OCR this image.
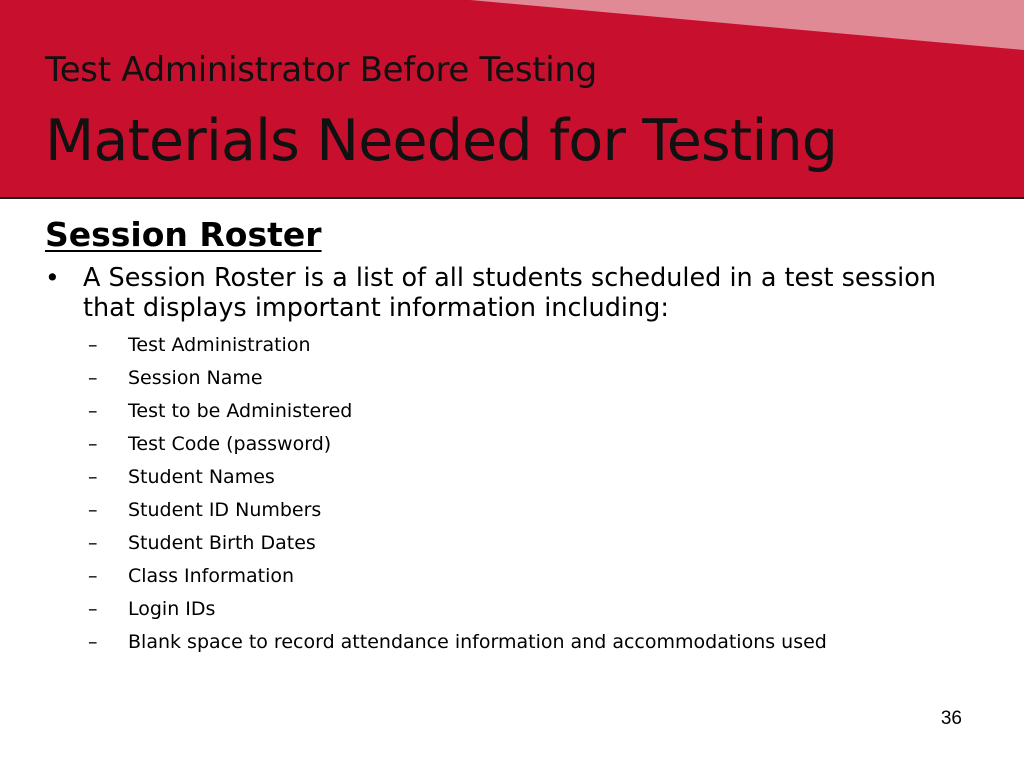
Test Administrator Before Testing
Materials Needed for Testing
Session Roster
• A Session Roster is a list of all students scheduled in a test session that displays important information including:
– Test Administration
– Session Name
– Test to be Administered
– Test Code (password)
– Student Names
– Student ID Numbers
– Student Birth Dates
– Class Information
– Login IDs
– Blank space to record attendance information and accommodations used
36
